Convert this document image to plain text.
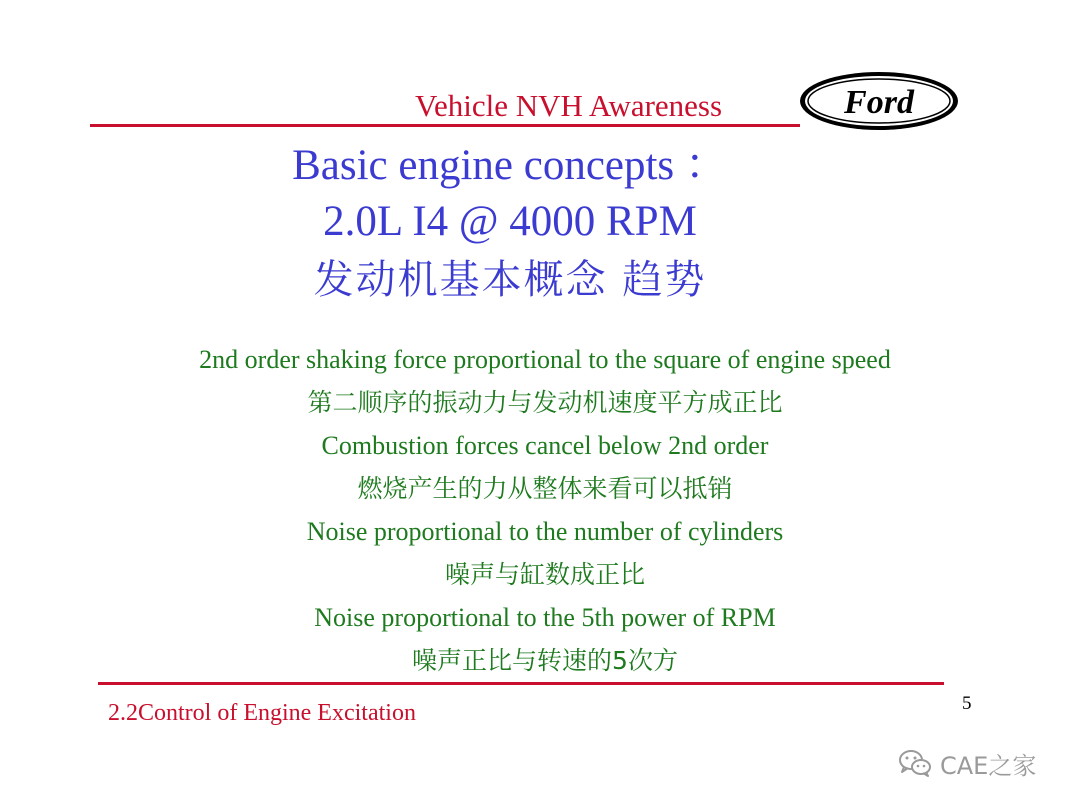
Vehicle NVH Awareness	Ford
Basic engine concepts ：
2.0L I4 @ 4000 RPM
发动机基本概念 趋势
2nd order shaking force proportional to the square of engine speed
第二顺序的振动力与发动机速度平方成正比
Combustion forces cancel below 2nd order
燃烧产生的力从整体来看可以抵销
Noise proportional to the number of cylinders
噪声与缸数成正比
Noise proportional to the 5th power of RPM
噪声正比与转速的5次方
2.2Control of Engine Excitation	5
CAE之家
